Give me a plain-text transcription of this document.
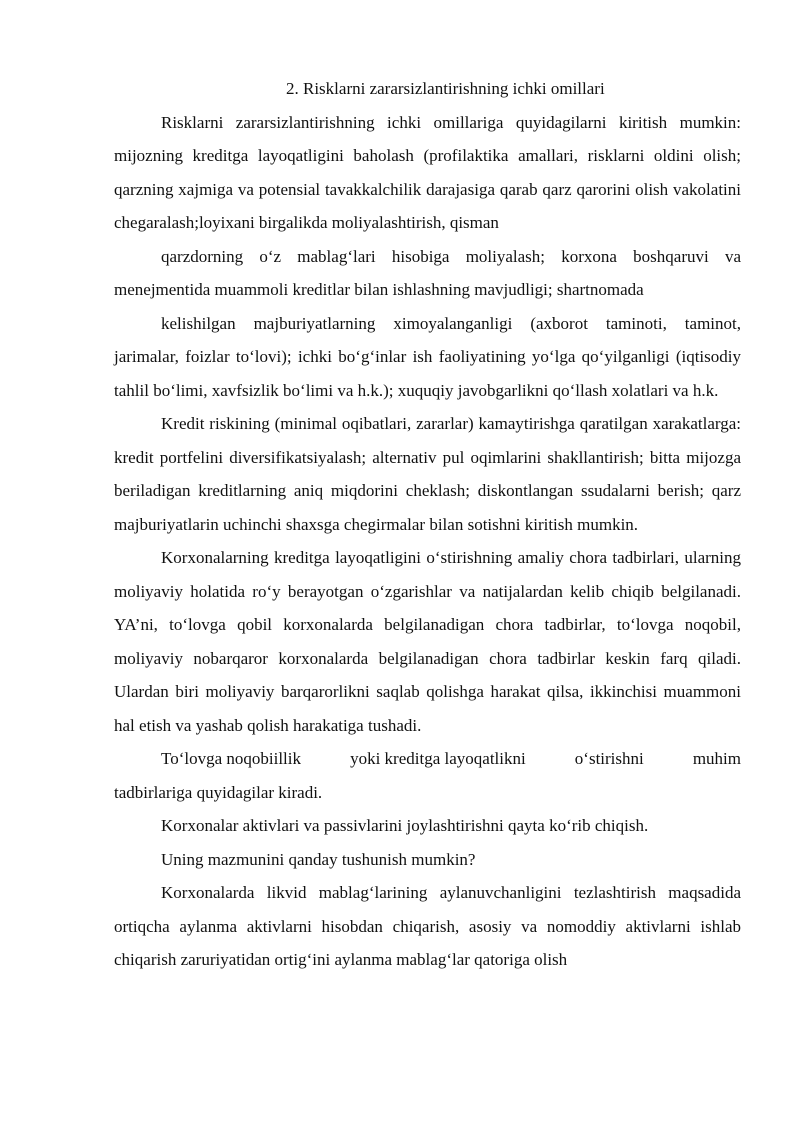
2. Risklarni zararsizlantirishning ichki omillari

Risklarni zararsizlantirishning ichki omillariga quyidagilarni kiritish mumkin: mijozning kreditga layoqatligini baholash (profilaktika amallari, risklarni oldini olish; qarzning xajmiga va potensial tavakkalchilik darajasiga qarab qarz qarorini olish vakolatini chegaralash;loyixani birgalikda moliyalashtirish, qisman

qarzdorning o‘z mablag‘lari hisobiga moliyalash; korxona boshqaruvi va menejmentida muammoli kreditlar bilan ishlashning mavjudligi; shartnomada

kelishilgan majburiyatlarning ximoyalanganligi (axborot taminoti, taminot, jarimalar, foizlar to‘lovi); ichki bo‘g‘inlar ish faoliyatining yo‘lga qo‘yilganligi (iqtisodiy tahlil bo‘limi, xavfsizlik bo‘limi va h.k.); xuquqiy javobgarlikni qo‘llash xolatlari va h.k.

Kredit riskining (minimal oqibatlari, zararlar) kamaytirishga qaratilgan xarakatlarga: kredit portfelini diversifikatsiyalash; alternativ pul oqimlarini shakllantirish; bitta mijozga beriladigan kreditlarning aniq miqdorini cheklash; diskontlangan ssudalarni berish; qarz majburiyatlarin uchinchi shaxsga chegirmalar bilan sotishni kiritish mumkin.

Korxonalarning kreditga layoqatligini o‘stirishning amaliy chora tadbirlari, ularning moliyaviy holatida ro‘y berayotgan o‘zgarishlar va natijalardan kelib chiqib belgilanadi. YA’ni, to‘lovga qobil korxonalarda belgilanadigan chora tadbirlar, to‘lovga noqobil, moliyaviy nobarqaror korxonalarda belgilanadigan chora tadbirlar keskin farq qiladi. Ulardan biri moliyaviy barqarorlikni saqlab qolishga harakat qilsa, ikkinchisi muammoni hal etish va yashab qolish harakatiga tushadi.

To‘lovga noqobiillik	yoki kreditga layoqatlikni	o‘stirishni	muhim

tadbirlariga quyidagilar kiradi.

Korxonalar aktivlari va passivlarini joylashtirishni qayta ko‘rib chiqish.

Uning mazmunini qanday tushunish mumkin?

Korxonalarda likvid mablag‘larining aylanuvchanligini tezlashtirish maqsadida ortiqcha aylanma aktivlarni hisobdan chiqarish, asosiy va nomoddiy aktivlarni ishlab chiqarish zaruriyatidan ortig‘ini aylanma mablag‘lar qatoriga olish
